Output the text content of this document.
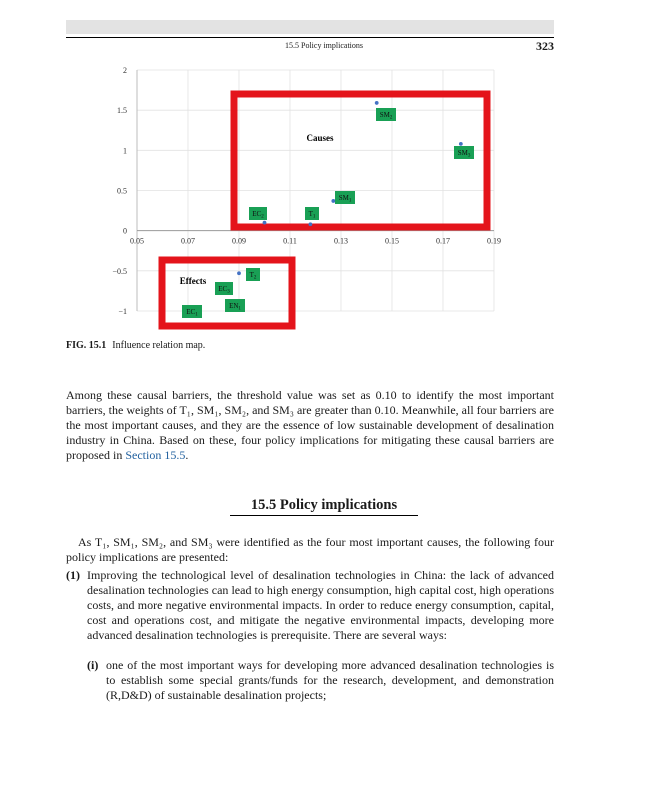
15.5 Policy implications	323
2
1.5
1
0.5
0
−0.5
−1
0.05	0.07	0.09	0.11	0.13	0.15	0.17	0.19
Causes
Effects
$SM_2$
$SM_3$
$SM_1$
$EC_2$	$T_1$
$T_2$
$EC_3$
$EN_1$
$EC_1$
FIG. 15.1 Influence relation map.

Among these causal barriers, the threshold value was set as 0.10 to identify the most important barriers, the weights of T₁, SM₁, SM₂, and SM₃ are greater than 0.10. Meanwhile, all four barriers are the most important causes, and they are the essence of low sustainable development of desalination industry in China. Based on these, four policy implications for mitigating these causal barriers are proposed in Section 15.5.

15.5 Policy implications

As T₁, SM₁, SM₂, and SM₃ were identified as the four most important causes, the following four policy implications are presented:

(1) Improving the technological level of desalination technologies in China: the lack of advanced desalination technologies can lead to high energy consumption, high capital cost, high operations costs, and more negative environmental impacts. In order to reduce energy consumption, capital, cost and operations cost, and mitigate the negative environmental impacts, developing more advanced desalination technologies is prerequisite. There are several ways:

(i) one of the most important ways for developing more advanced desalination technologies is to establish some special grants/funds for the research, development, and demonstration (R,D&D) of sustainable desalination projects;
